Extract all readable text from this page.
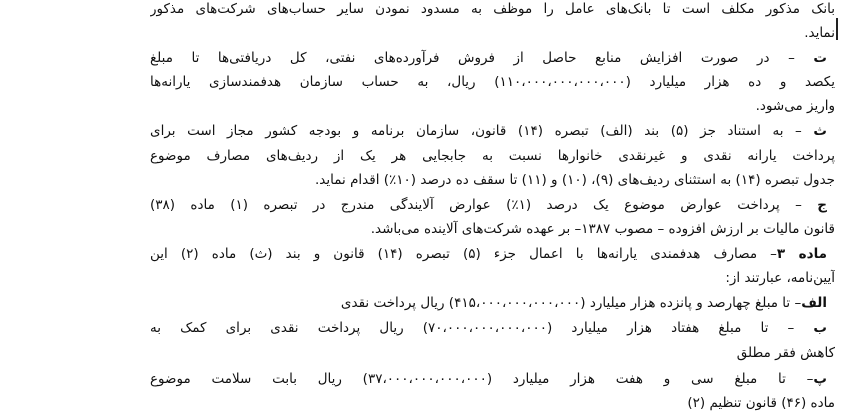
بانک مذکور مکلف است تا بانک‌های عامل را موظف به مسدود نمودن سایر حساب‌های شرکت‌های مذکور
نماید.
ت – در صورت افزایش منابع حاصل از فروش فرآورده‌های نفتی، کل دریافتی‌ها تا مبلغ
یکصد و ده هزار میلیارد (۱۱۰،۰۰۰،۰۰۰،۰۰۰،۰۰۰) ریال، به حساب سازمان هدفمندسازی یارانه‌ها
واریز می‌شود.
ث – به استناد جز (۵) بند (الف) تبصره (۱۴) قانون، سازمان برنامه و بودجه کشور مجاز است برای
پرداخت یارانه نقدی و غیرنقدی خانوارها نسبت به جابجایی هر یک از ردیف‌های مصارف موضوع
جدول تبصره (۱۴) به استثنای ردیف‌های (۹)، (۱۰) و (۱۱) تا سقف ده درصد (۱۰٪) اقدام نماید.
ج – پرداخت عوارض موضوع یک درصد (۱٪) عوارض آلایندگی مندرج در تبصره (۱) ماده (۳۸)
قانون مالیات بر ارزش افزوده – مصوب ۱۳۸۷– بر عهده شرکت‌های آلاینده می‌باشد.
ماده ۳– مصارف هدفمندی یارانه‌ها با اعمال جزء (۵) تبصره (۱۴) قانون و بند (ث) ماده (۲) این
آیین‌نامه، عبارتند از:
الف– تا مبلغ چهارصد و پانزده هزار میلیارد (۴۱۵،۰۰۰،۰۰۰،۰۰۰،۰۰۰) ریال پرداخت نقدی
ب – تا مبلغ هفتاد هزار میلیارد (۷۰،۰۰۰،۰۰۰،۰۰۰،۰۰۰) ریال پرداخت نقدی برای کمک به
کاهش فقر مطلق
پ– تا مبلغ سی و هفت هزار میلیارد (۳۷،۰۰۰،۰۰۰،۰۰۰،۰۰۰) ریال بابت سلامت موضوع
ماده (۴۶) قانون تنظیم (۲)
